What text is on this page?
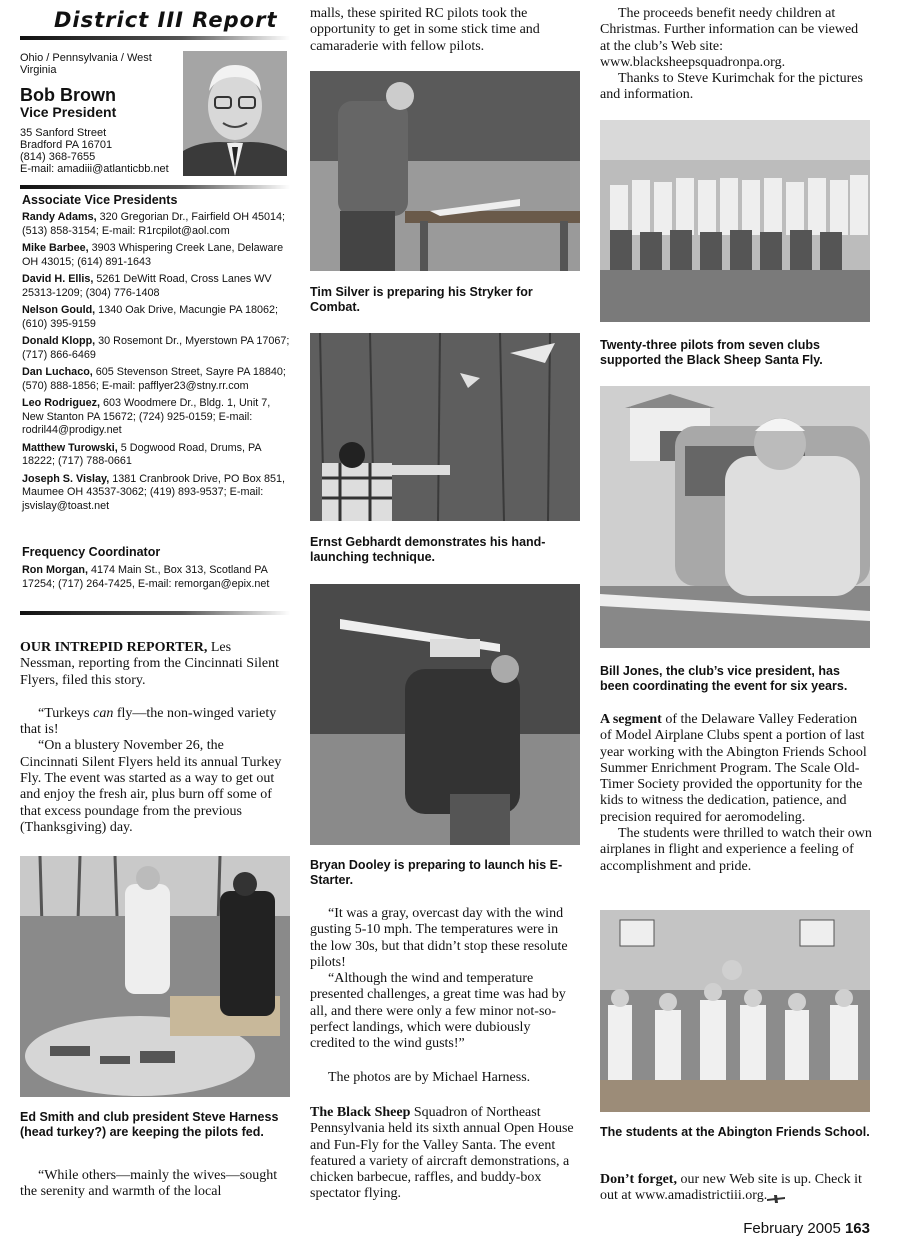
District III Report
Ohio / Pennsylvania / West Virginia
Bob Brown
Vice President
35 Sanford Street
Bradford PA 16701
(814) 368-7655
E-mail: amadiii@atlanticbb.net
Associate Vice Presidents
Randy Adams, 320 Gregorian Dr., Fairfield OH 45014; (513) 858-3154; E-mail: R1rcpilot@aol.com
Mike Barbee, 3903 Whispering Creek Lane, Delaware OH 43015; (614) 891-1643
David H. Ellis, 5261 DeWitt Road, Cross Lanes WV 25313-1209; (304) 776-1408
Nelson Gould, 1340 Oak Drive, Macungie PA 18062; (610) 395-9159
Donald Klopp, 30 Rosemont Dr., Myerstown PA 17067; (717) 866-6469
Dan Luchaco, 605 Stevenson Street, Sayre PA 18840; (570) 888-1856; E-mail: pafflyer23@stny.rr.com
Leo Rodriguez, 603 Woodmere Dr., Bldg. 1, Unit 7, New Stanton PA 15672; (724) 925-0159; E-mail: rodril44@prodigy.net
Matthew Turowski, 5 Dogwood Road, Drums, PA 18222; (717) 788-0661
Joseph S. Vislay, 1381 Cranbrook Drive, PO Box 851, Maumee OH 43537-3062; (419) 893-9537; E-mail: jsvislay@toast.net
Frequency Coordinator
Ron Morgan, 4174 Main St., Box 313, Scotland PA 17254; (717) 264-7425, E-mail: remorgan@epix.net

OUR INTREPID REPORTER, Les Nessman, reporting from the Cincinnati Silent Flyers, filed this story.

“Turkeys can fly—the non-winged variety that is!

“On a blustery November 26, the Cincinnati Silent Flyers held its annual Turkey Fly. The event was started as a way to get out and enjoy the fresh air, plus burn off some of that excess poundage from the previous (Thanksgiving) day.

Ed Smith and club president Steve Harness (head turkey?) are keeping the pilots fed.

“While others—mainly the wives—sought the serenity and warmth of the local

malls, these spirited RC pilots took the opportunity to get in some stick time and camaraderie with fellow pilots.

Tim Silver is preparing his Stryker for Combat.
Ernst Gebhardt demonstrates his hand-launching technique.
Bryan Dooley is preparing to launch his E-Starter.

“It was a gray, overcast day with the wind gusting 5-10 mph. The temperatures were in the low 30s, but that didn’t stop these resolute pilots!

“Although the wind and temperature presented challenges, a great time was had by all, and there were only a few minor not-so-perfect landings, which were dubiously credited to the wind gusts!”

The photos are by Michael Harness.

The Black Sheep Squadron of Northeast Pennsylvania held its sixth annual Open House and Fun-Fly for the Valley Santa. The event featured a variety of aircraft demonstrations, a chicken barbecue, raffles, and buddy-box spectator flying.

The proceeds benefit needy children at Christmas. Further information can be viewed at the club’s Web site: www.blacksheepsquadronpa.org.

Thanks to Steve Kurimchak for the pictures and information.

Twenty-three pilots from seven clubs supported the Black Sheep Santa Fly.
Bill Jones, the club’s vice president, has been coordinating the event for six years.

A segment of the Delaware Valley Federation of Model Airplane Clubs spent a portion of last year working with the Abington Friends School Summer Enrichment Program. The Scale Old-Timer Society provided the opportunity for the kids to witness the dedication, patience, and precision required for aeromodeling.

The students were thrilled to watch their own airplanes in flight and experience a feeling of accomplishment and pride.

The students at the Abington Friends School.

Don’t forget, our new Web site is up. Check it out at www.amadistrictiii.org.

February 2005 163
